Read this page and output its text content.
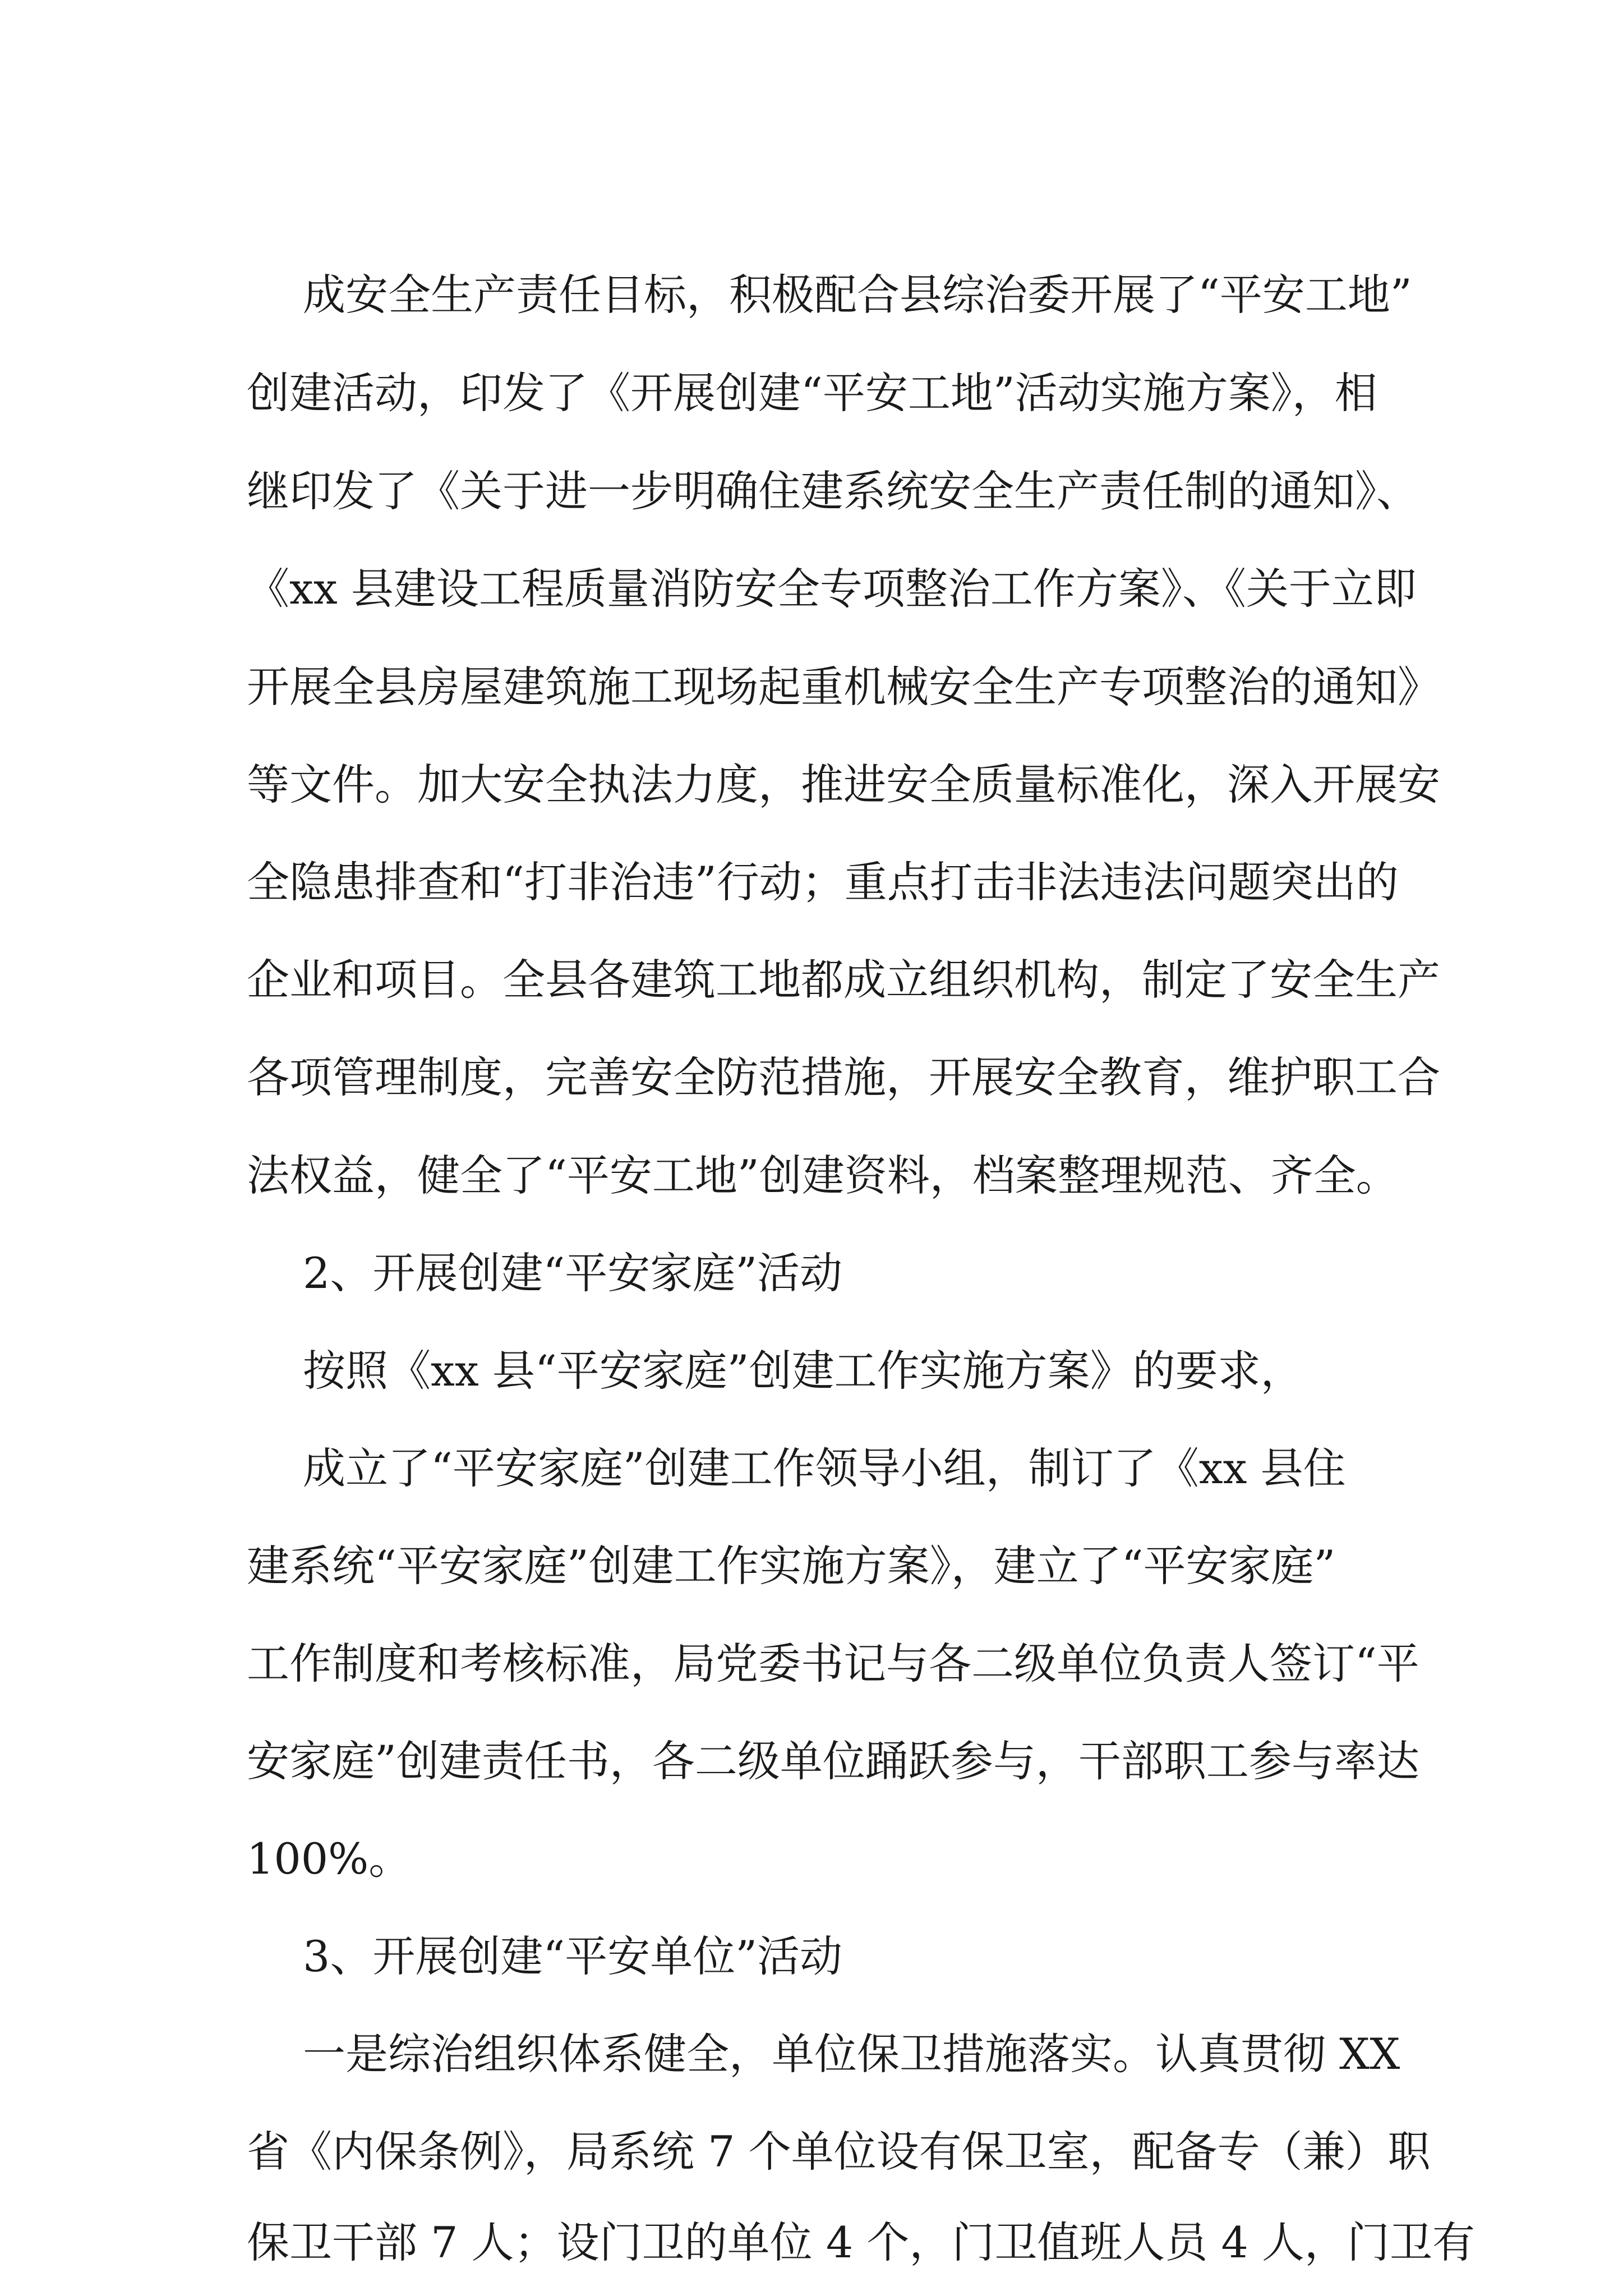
成安全生产责任目标，积极配合县综治委开展了“平安工地”

创建活动，印发了《开展创建“平安工地”活动实施方案》，相

继印发了《关于进一步明确住建系统安全生产责任制的通知》、

《xx 县建设工程质量消防安全专项整治工作方案》、《关于立即

开展全县房屋建筑施工现场起重机械安全生产专项整治的通知》

等文件。加大安全执法力度，推进安全质量标准化，深入开展安

全隐患排查和“打非治违”行动；重点打击非法违法问题突出的

企业和项目。全县各建筑工地都成立组织机构，制定了安全生产

各项管理制度，完善安全防范措施，开展安全教育，维护职工合

法权益，健全了“平安工地”创建资料，档案整理规范、齐全。

2、开展创建“平安家庭”活动

按照《xx 县“平安家庭”创建工作实施方案》的要求，

成立了“平安家庭”创建工作领导小组，制订了《xx 县住

建系统“平安家庭”创建工作实施方案》，建立了“平安家庭”

工作制度和考核标准，局党委书记与各二级单位负责人签订“平

安家庭”创建责任书，各二级单位踊跃参与，干部职工参与率达

100%。

3、开展创建“平安单位”活动

一是综治组织体系健全，单位保卫措施落实。认真贯彻 XX

省《内保条例》，局系统 7 个单位设有保卫室，配备专（兼）职

保卫干部 7 人；设门卫的单位 4 个，门卫值班人员 4 人，门卫有
